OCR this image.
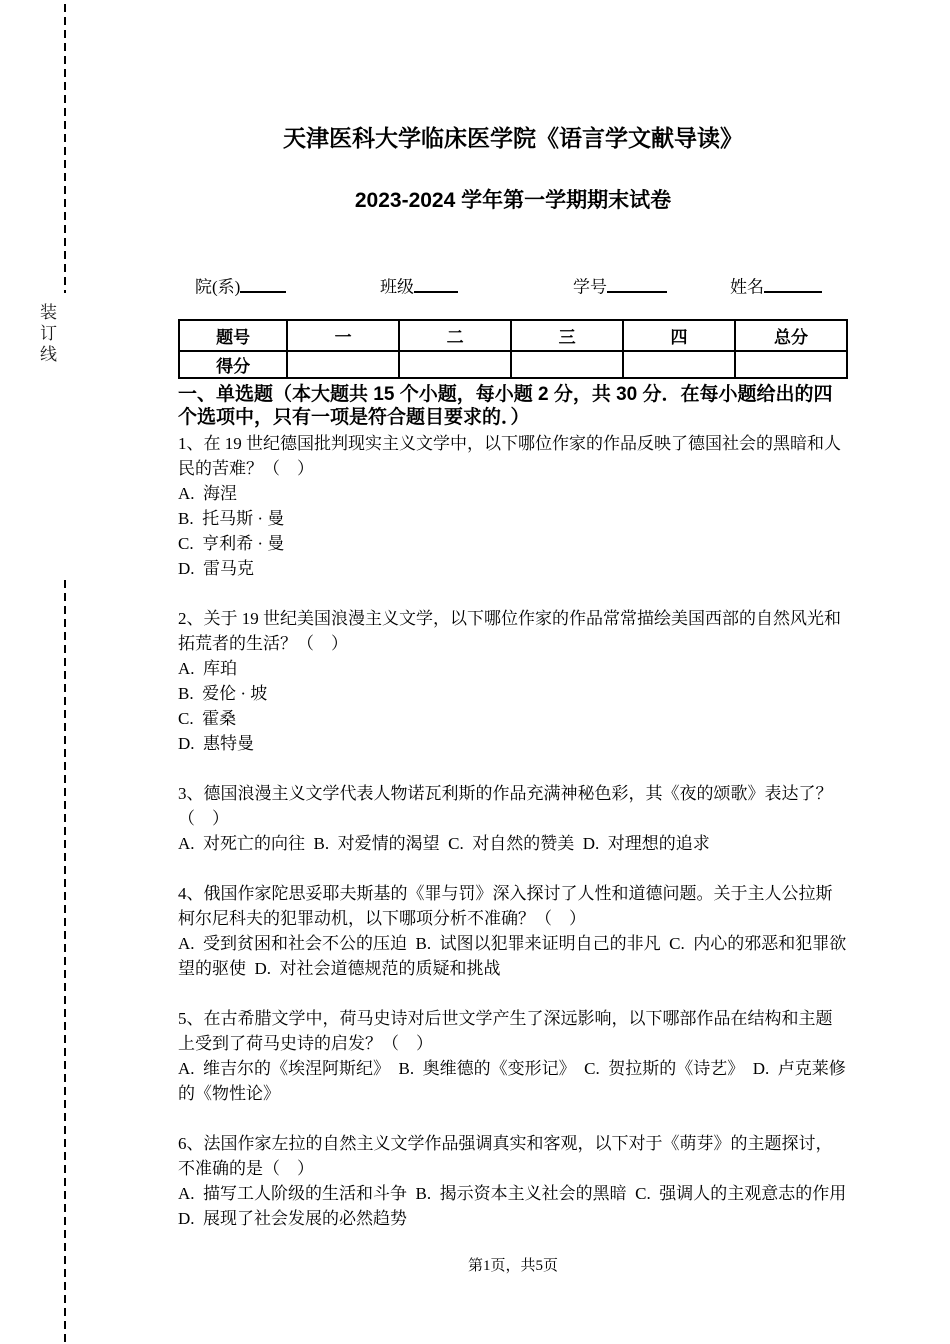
装订线
天津医科大学临床医学院《语言学文献导读》
2023-2024 学年第一学期期末试卷
院(系)	班级	学号	姓名
题号	一	二	三	四	总分
得分					
一、单选题（本大题共 15 个小题，每小题 2 分，共 30 分．在每小题给出的四个选项中，只有一项是符合题目要求的．）
1、在 19 世纪德国批判现实主义文学中，以下哪位作家的作品反映了德国社会的黑暗和人民的苦难？（　）
A.  海涅
B.  托马斯 · 曼
C.  亨利希 · 曼
D.  雷马克
2、关于 19 世纪美国浪漫主义文学，以下哪位作家的作品常常描绘美国西部的自然风光和拓荒者的生活？（　）
A.  库珀
B.  爱伦 · 坡
C.  霍桑
D.  惠特曼
3、德国浪漫主义文学代表人物诺瓦利斯的作品充满神秘色彩，其《夜的颂歌》表达了？（　）
A.  对死亡的向往  B.  对爱情的渴望  C.  对自然的赞美  D.  对理想的追求
4、俄国作家陀思妥耶夫斯基的《罪与罚》深入探讨了人性和道德问题。关于主人公拉斯柯尔尼科夫的犯罪动机，以下哪项分析不准确？（　）
A.  受到贫困和社会不公的压迫  B.  试图以犯罪来证明自己的非凡  C.  内心的邪恶和犯罪欲望的驱使  D.  对社会道德规范的质疑和挑战
5、在古希腊文学中，荷马史诗对后世文学产生了深远影响，以下哪部作品在结构和主题上受到了荷马史诗的启发？（　）
A.  维吉尔的《埃涅阿斯纪》  B.  奥维德的《变形记》  C.  贺拉斯的《诗艺》  D.  卢克莱修的《物性论》
6、法国作家左拉的自然主义文学作品强调真实和客观，以下对于《萌芽》的主题探讨，不准确的是（　）
A.  描写工人阶级的生活和斗争  B.  揭示资本主义社会的黑暗  C.  强调人的主观意志的作用  D.  展现了社会发展的必然趋势
第1页，共5页
